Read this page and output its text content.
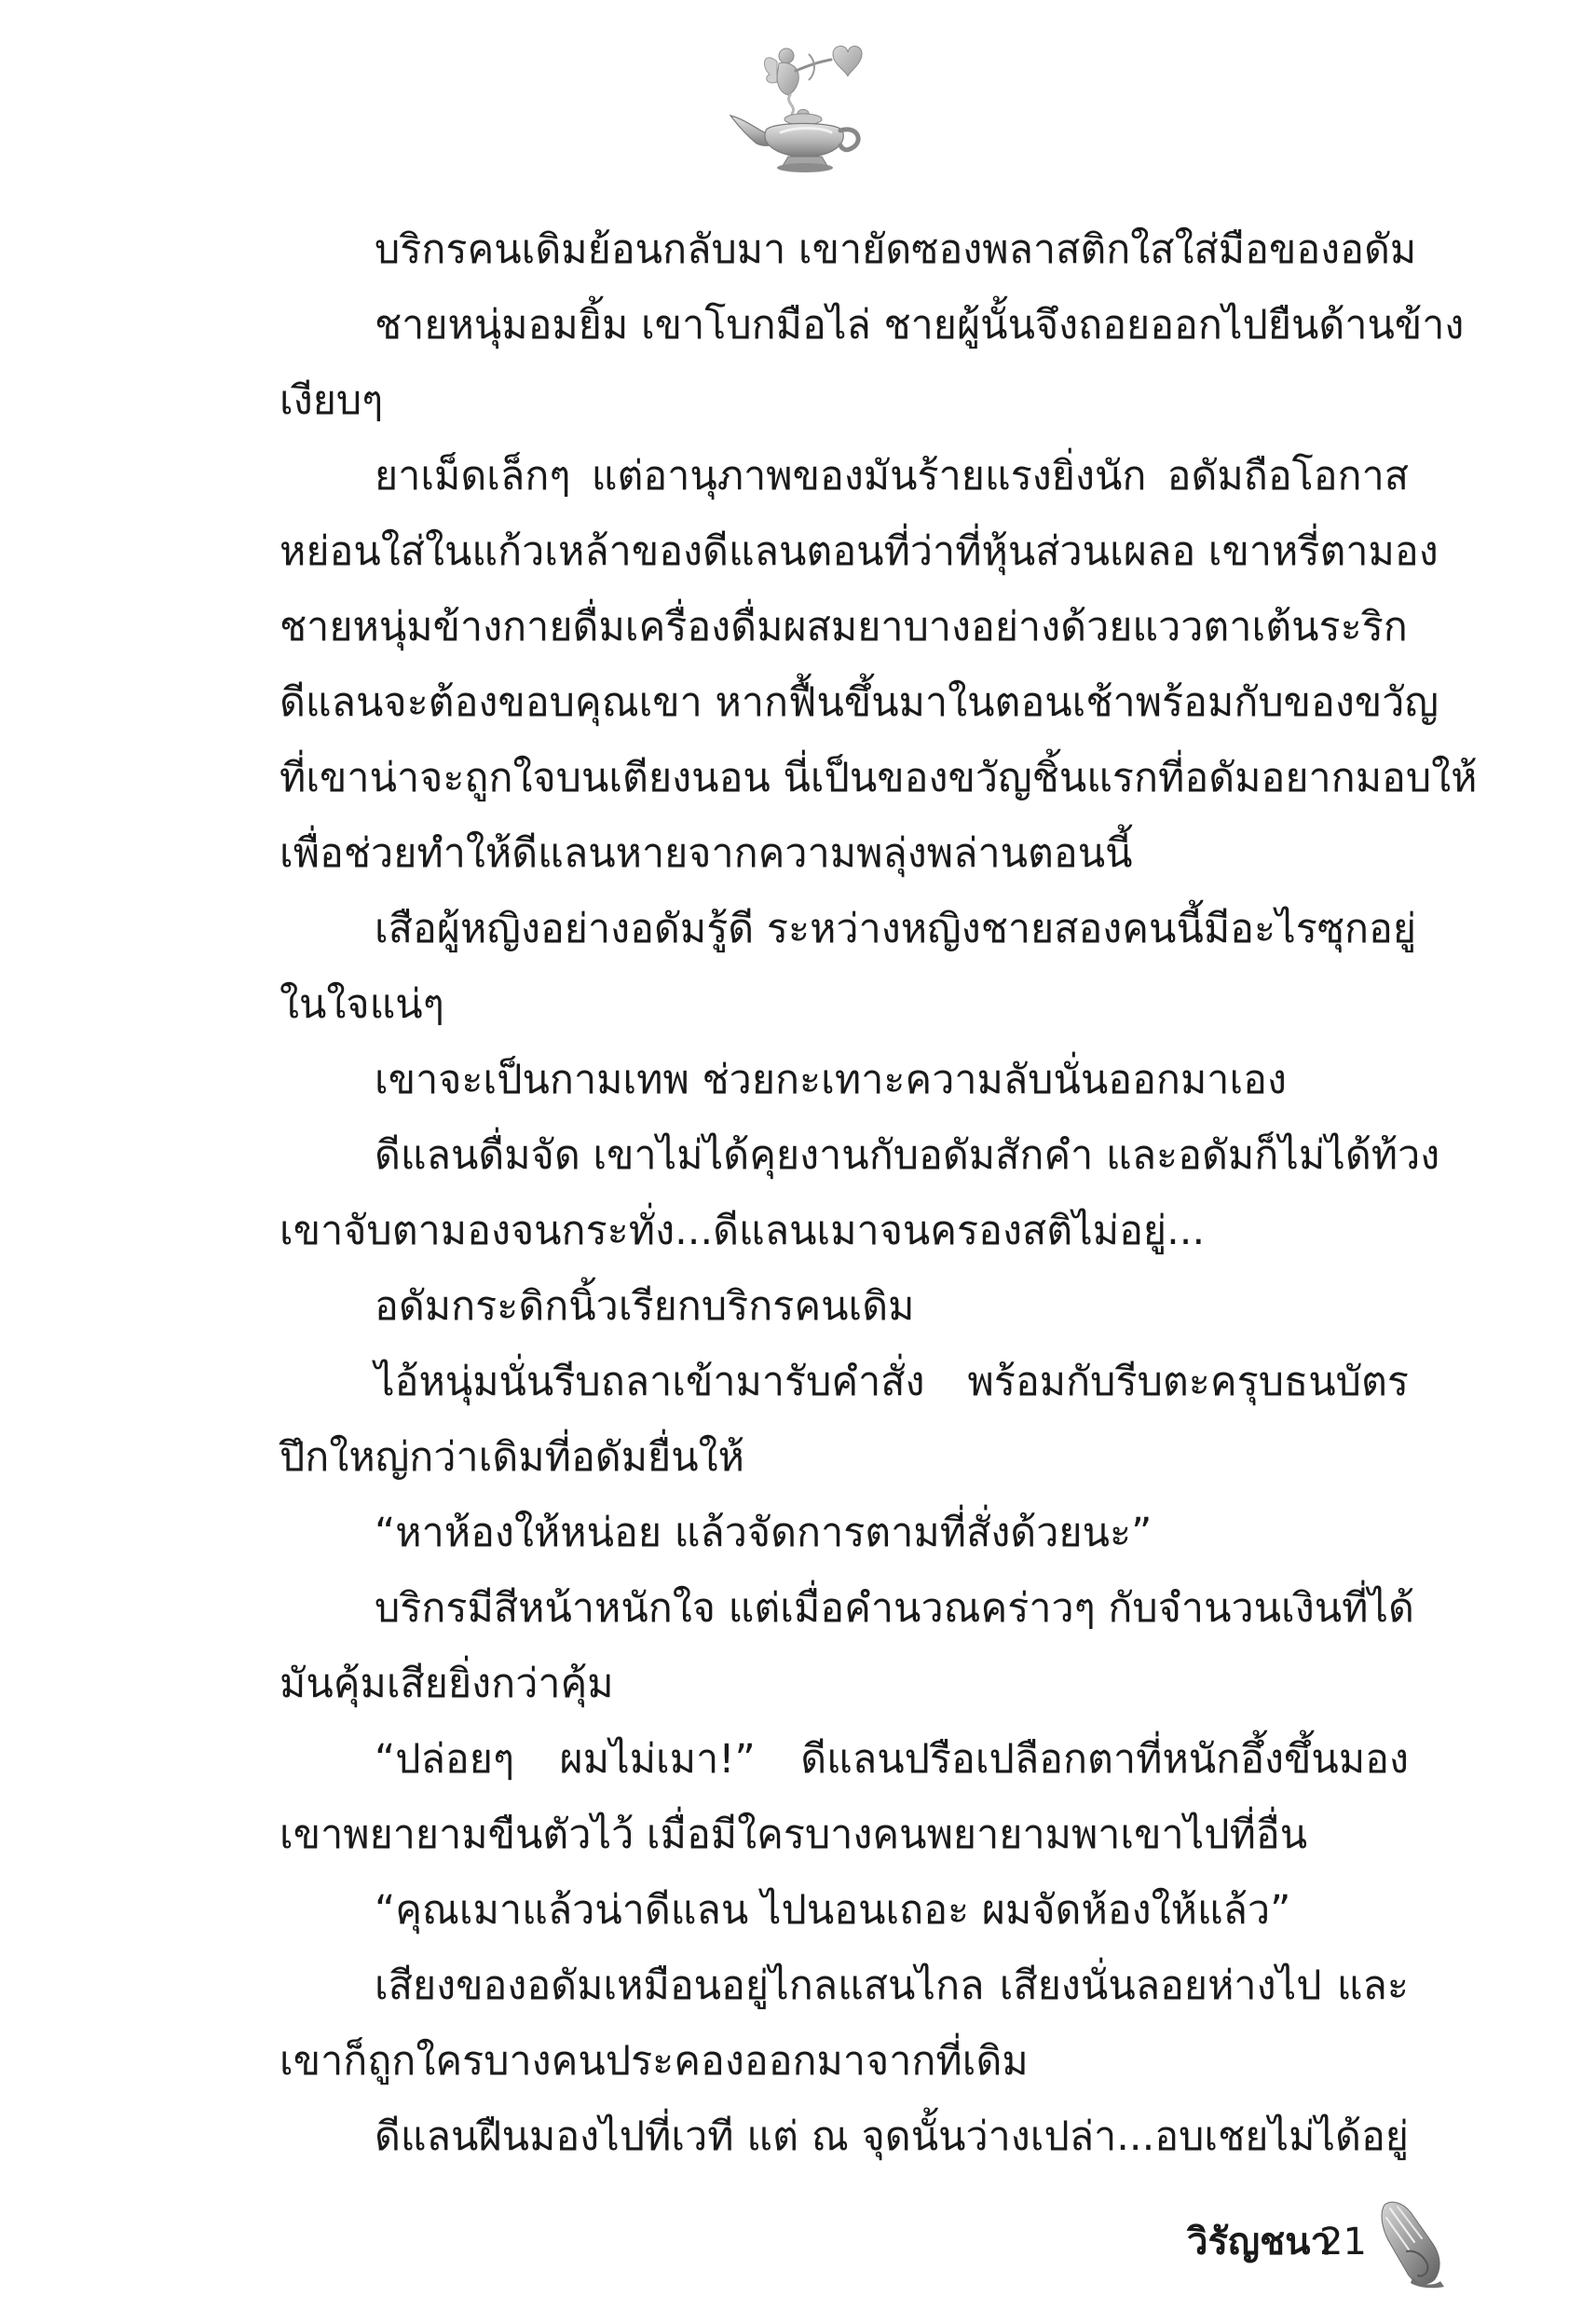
บริกรคนเดิมย้อนกลับมา เขายัดซองพลาสติกใสใส่มือของอดัม
ชายหนุ่มอมยิ้ม เขาโบกมือไล่ ชายผู้นั้นจึงถอยออกไปยืนด้านข้าง
เงียบๆ
ยาเม็ดเล็กๆ แต่อานุภาพของมันร้ายแรงยิ่งนัก อดัมถือโอกาส
หย่อนใส่ในแก้วเหล้าของดีแลนตอนที่ว่าที่หุ้นส่วนเผลอ เขาหรี่ตามอง
ชายหนุ่มข้างกายดื่มเครื่องดื่มผสมยาบางอย่างด้วยแววตาเต้นระริก
ดีแลนจะต้องขอบคุณเขา หากฟื้นขึ้นมาในตอนเช้าพร้อมกับของขวัญ
ที่เขาน่าจะถูกใจบนเตียงนอน นี่เป็นของขวัญชิ้นแรกที่อดัมอยากมอบให้
เพื่อช่วยทำให้ดีแลนหายจากความพลุ่งพล่านตอนนี้
เสือผู้หญิงอย่างอดัมรู้ดี ระหว่างหญิงชายสองคนนี้มีอะไรซุกอยู่
ในใจแน่ๆ
เขาจะเป็นกามเทพ ช่วยกะเทาะความลับนั่นออกมาเอง
ดีแลนดื่มจัด เขาไม่ได้คุยงานกับอดัมสักคำ และอดัมก็ไม่ได้ท้วง
เขาจับตามองจนกระทั่ง...ดีแลนเมาจนครองสติไม่อยู่...
อดัมกระดิกนิ้วเรียกบริกรคนเดิม
ไอ้หนุ่มนั่นรีบถลาเข้ามารับคำสั่ง พร้อมกับรีบตะครุบธนบัตร
ปึกใหญ่กว่าเดิมที่อดัมยื่นให้
“หาห้องให้หน่อย แล้วจัดการตามที่สั่งด้วยนะ”
บริกรมีสีหน้าหนักใจ แต่เมื่อคำนวณคร่าวๆ กับจำนวนเงินที่ได้
มันคุ้มเสียยิ่งกว่าคุ้ม
“ปล่อยๆ ผมไม่เมา!” ดีแลนปรือเปลือกตาที่หนักอึ้งขึ้นมอง
เขาพยายามขืนตัวไว้ เมื่อมีใครบางคนพยายามพาเขาไปที่อื่น
“คุณเมาแล้วน่าดีแลน ไปนอนเถอะ ผมจัดห้องให้แล้ว”
เสียงของอดัมเหมือนอยู่ไกลแสนไกล เสียงนั่นลอยห่างไป และ
เขาก็ถูกใครบางคนประคองออกมาจากที่เดิม
ดีแลนฝืนมองไปที่เวที แต่ ณ จุดนั้นว่างเปล่า...อบเชยไม่ได้อยู่
วิรัญชนา
21
